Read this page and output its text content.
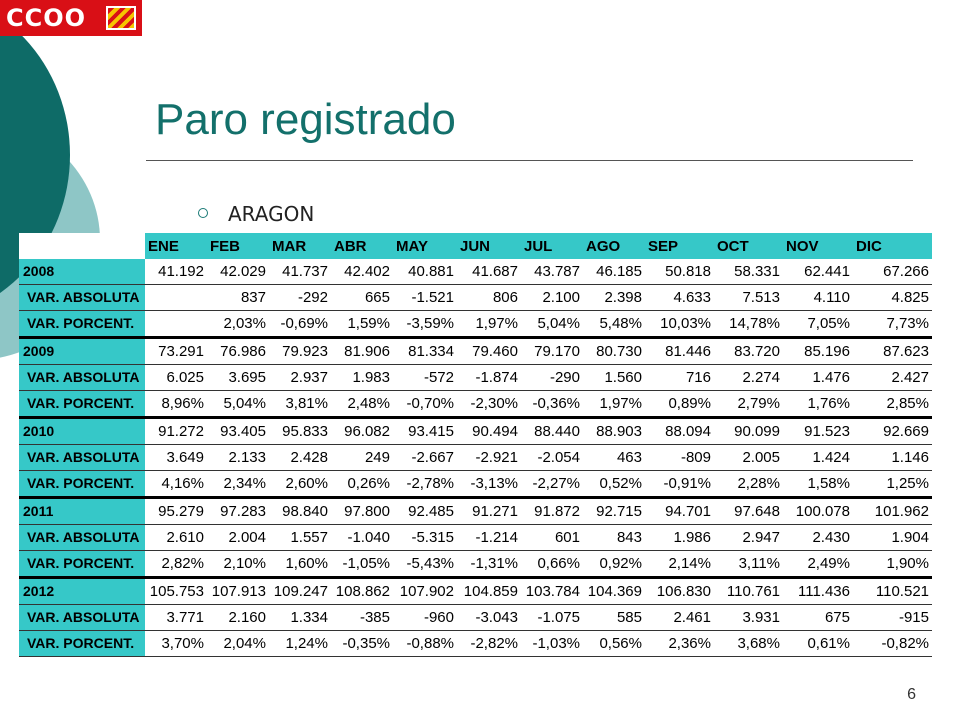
CCOO
Paro registrado
ARAGON
	ENE	FEB	MAR	ABR	MAY	JUN	JUL	AGO	SEP	OCT	NOV	DIC
2008	41.192	42.029	41.737	42.402	40.881	41.687	43.787	46.185	50.818	58.331	62.441	67.266
VAR. ABSOLUTA		837	-292	665	-1.521	806	2.100	2.398	4.633	7.513	4.110	4.825
VAR. PORCENT.		2,03%	-0,69%	1,59%	-3,59%	1,97%	5,04%	5,48%	10,03%	14,78%	7,05%	7,73%
2009	73.291	76.986	79.923	81.906	81.334	79.460	79.170	80.730	81.446	83.720	85.196	87.623
VAR. ABSOLUTA	6.025	3.695	2.937	1.983	-572	-1.874	-290	1.560	716	2.274	1.476	2.427
VAR. PORCENT.	8,96%	5,04%	3,81%	2,48%	-0,70%	-2,30%	-0,36%	1,97%	0,89%	2,79%	1,76%	2,85%
2010	91.272	93.405	95.833	96.082	93.415	90.494	88.440	88.903	88.094	90.099	91.523	92.669
VAR. ABSOLUTA	3.649	2.133	2.428	249	-2.667	-2.921	-2.054	463	-809	2.005	1.424	1.146
VAR. PORCENT.	4,16%	2,34%	2,60%	0,26%	-2,78%	-3,13%	-2,27%	0,52%	-0,91%	2,28%	1,58%	1,25%
2011	95.279	97.283	98.840	97.800	92.485	91.271	91.872	92.715	94.701	97.648	100.078	101.962
VAR. ABSOLUTA	2.610	2.004	1.557	-1.040	-5.315	-1.214	601	843	1.986	2.947	2.430	1.904
VAR. PORCENT.	2,82%	2,10%	1,60%	-1,05%	-5,43%	-1,31%	0,66%	0,92%	2,14%	3,11%	2,49%	1,90%
2012	105.753	107.913	109.247	108.862	107.902	104.859	103.784	104.369	106.830	110.761	111.436	110.521
VAR. ABSOLUTA	3.771	2.160	1.334	-385	-960	-3.043	-1.075	585	2.461	3.931	675	-915
VAR. PORCENT.	3,70%	2,04%	1,24%	-0,35%	-0,88%	-2,82%	-1,03%	0,56%	2,36%	3,68%	0,61%	-0,82%
6
